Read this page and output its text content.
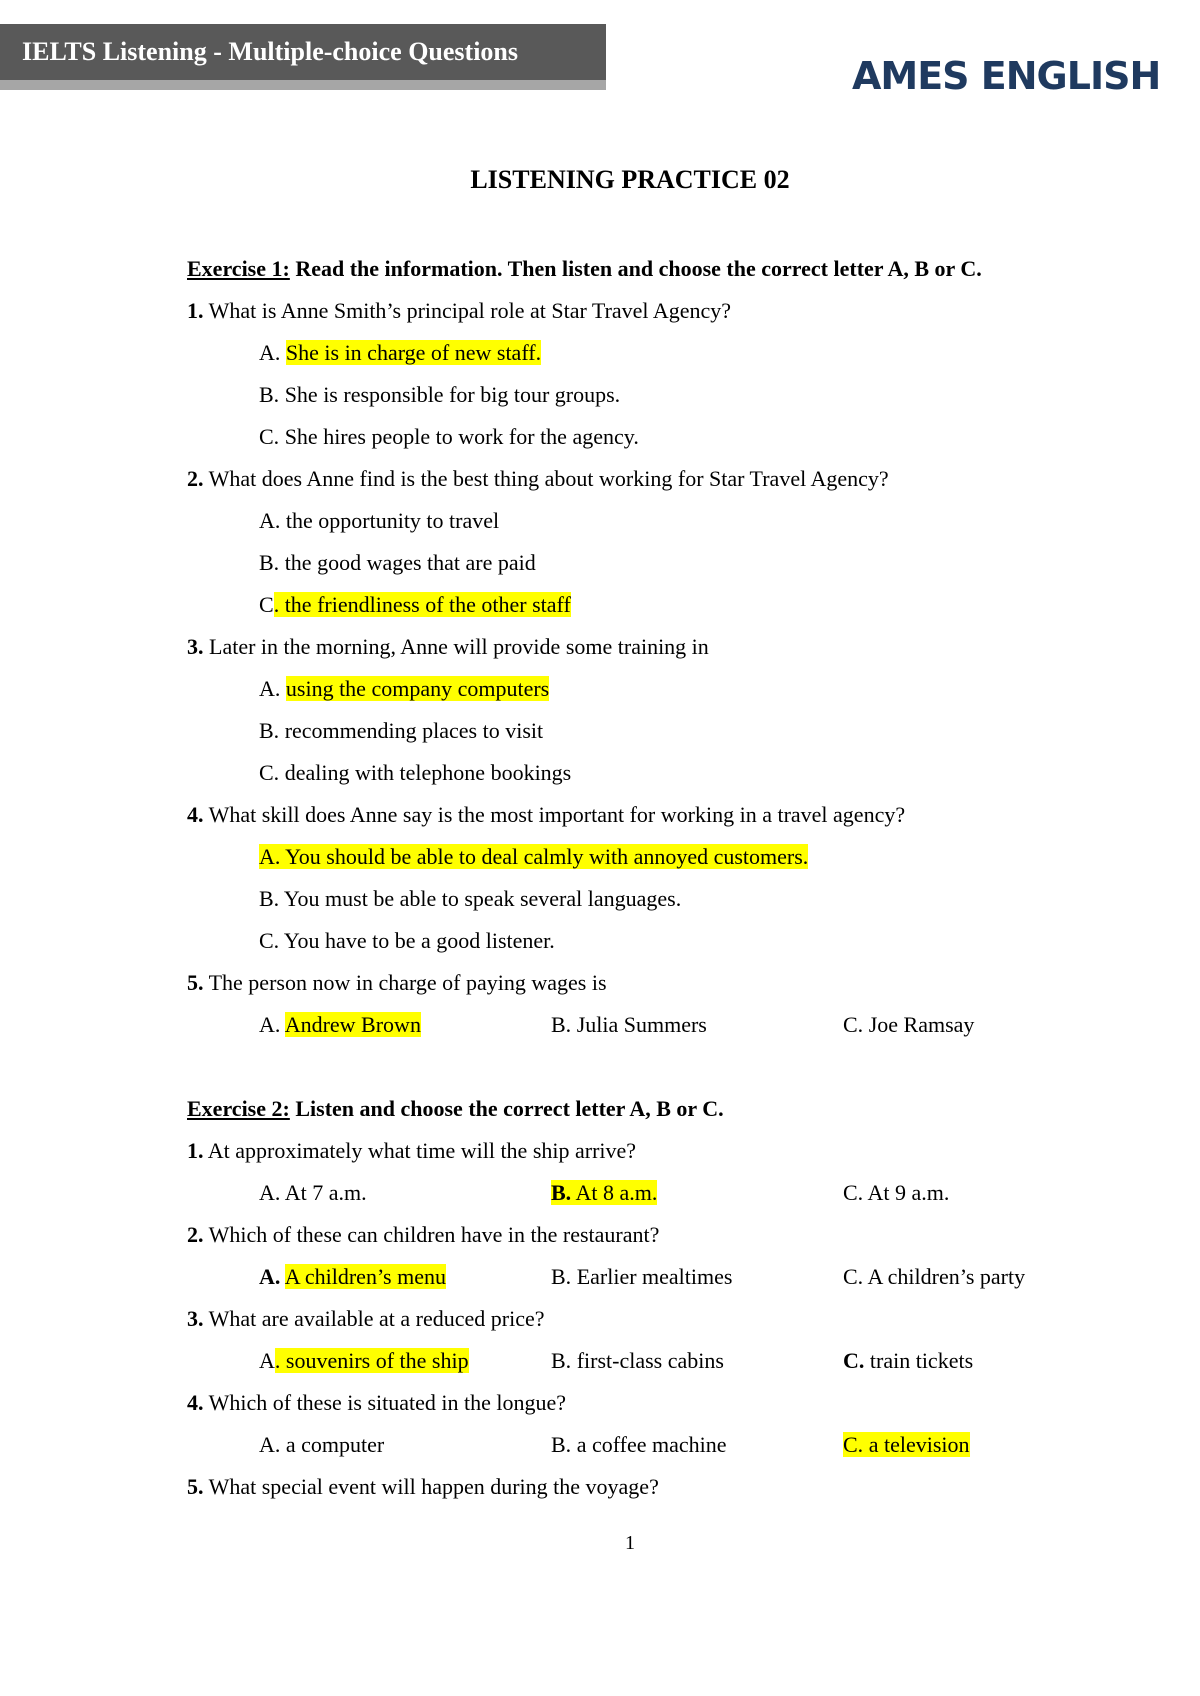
IELTS Listening - Multiple-choice Questions
AMES ENGLISH
LISTENING PRACTICE 02
Exercise 1: Read the information. Then listen and choose the correct letter A, B or C.
1. What is Anne Smith’s principal role at Star Travel Agency?
A. She is in charge of new staff.
B. She is responsible for big tour groups.
C. She hires people to work for the agency.
2. What does Anne find is the best thing about working for Star Travel Agency?
A. the opportunity to travel
B. the good wages that are paid
C. the friendliness of the other staff
3. Later in the morning, Anne will provide some training in
A. using the company computers
B. recommending places to visit
C. dealing with telephone bookings
4. What skill does Anne say is the most important for working in a travel agency?
A. You should be able to deal calmly with annoyed customers.
B. You must be able to speak several languages.
C. You have to be a good listener.
5. The person now in charge of paying wages is
A. Andrew Brown	B. Julia Summers	C. Joe Ramsay
Exercise 2: Listen and choose the correct letter A, B or C.
1. At approximately what time will the ship arrive?
A. At 7 a.m.	B. At 8 a.m.	C. At 9 a.m.
2. Which of these can children have in the restaurant?
A. A children’s menu	B. Earlier mealtimes	C. A children’s party
3. What are available at a reduced price?
A. souvenirs of the ship	B. first-class cabins	C. train tickets
4. Which of these is situated in the longue?
A. a computer	B. a coffee machine	C. a television
5. What special event will happen during the voyage?
1
